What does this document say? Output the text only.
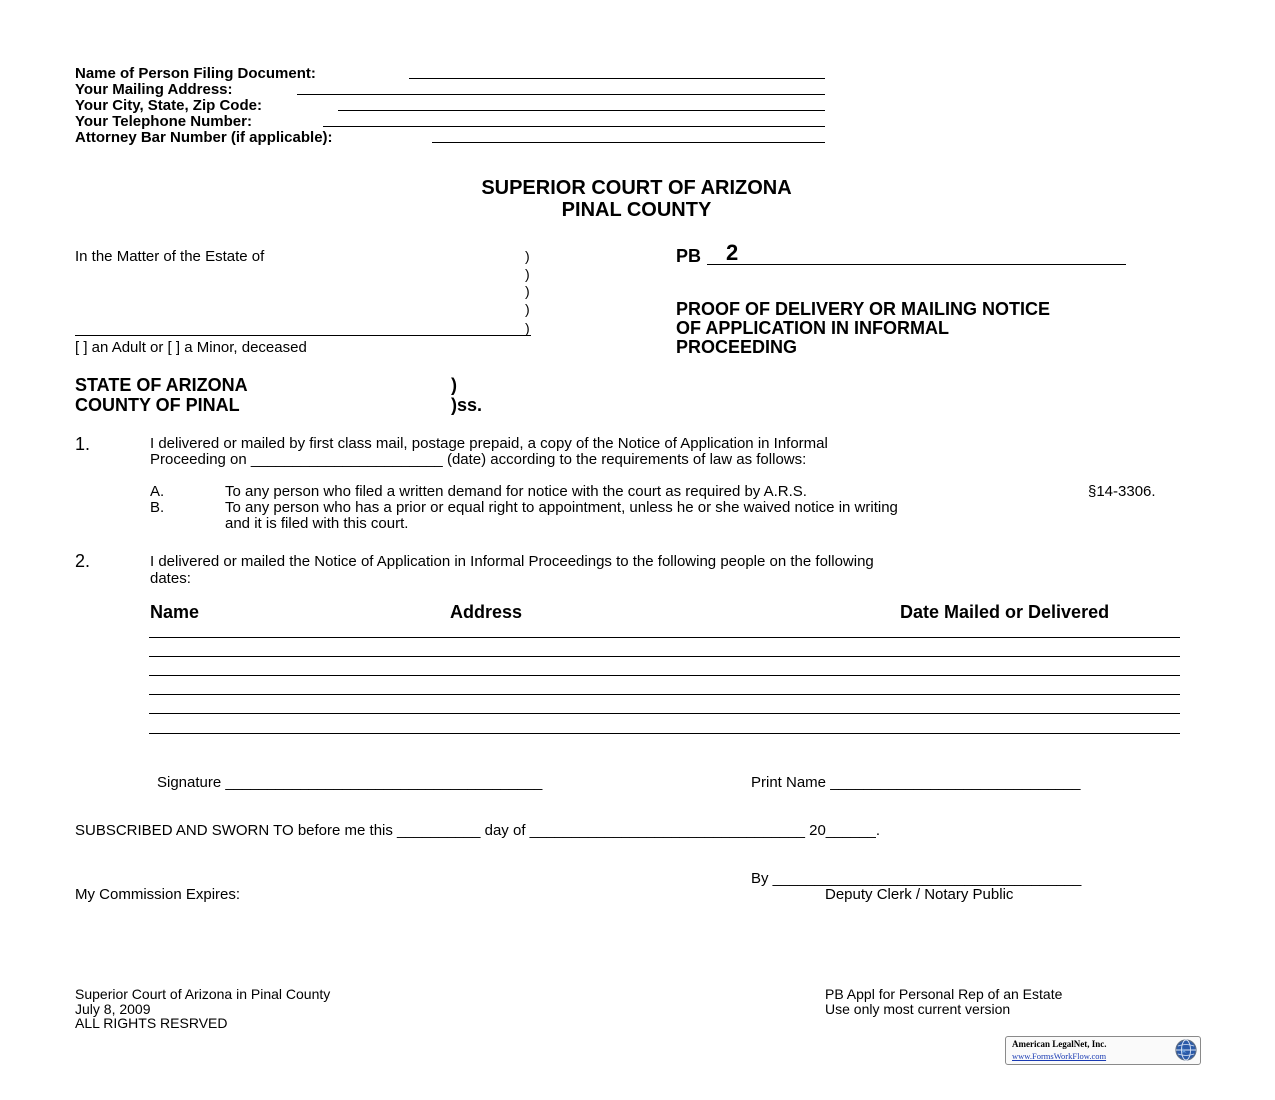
Name of Person Filing Document:
Your Mailing Address:
Your City, State, Zip Code:
Your Telephone Number:
Attorney Bar Number (if applicable):
SUPERIOR COURT OF ARIZONA
PINAL COUNTY
In the Matter of the Estate of	)
)
)
)
)
[ ] an Adult or [ ] a Minor, deceased
PB 2
PROOF OF DELIVERY OR MAILING NOTICE
OF APPLICATION IN INFORMAL
PROCEEDING
STATE OF ARIZONA	)
COUNTY OF PINAL	)ss.
1.	I delivered or mailed by first class mail, postage prepaid, a copy of the Notice of Application in Informal
Proceeding on _______________________ (date) according to the requirements of law as follows:
A.	To any person who filed a written demand for notice with the court as required by A.R.S.	§14-3306.
B.	To any person who has a prior or equal right to appointment, unless he or she waived notice in writing
and it is filed with this court.
2.	I delivered or mailed the Notice of Application in Informal Proceedings to the following people on the following
dates:
Name	Address	Date Mailed or Delivered
Signature ______________________________________	Print Name ______________________________
SUBSCRIBED AND SWORN TO before me this __________ day of _________________________________ 20______.
By _____________________________________
Deputy Clerk / Notary Public
My Commission Expires:
Superior Court of Arizona in Pinal County
July 8, 2009
ALL RIGHTS RESRVED
PB Appl for Personal Rep of an Estate
Use only most current version
American LegalNet, Inc.
www.FormsWorkFlow.com
